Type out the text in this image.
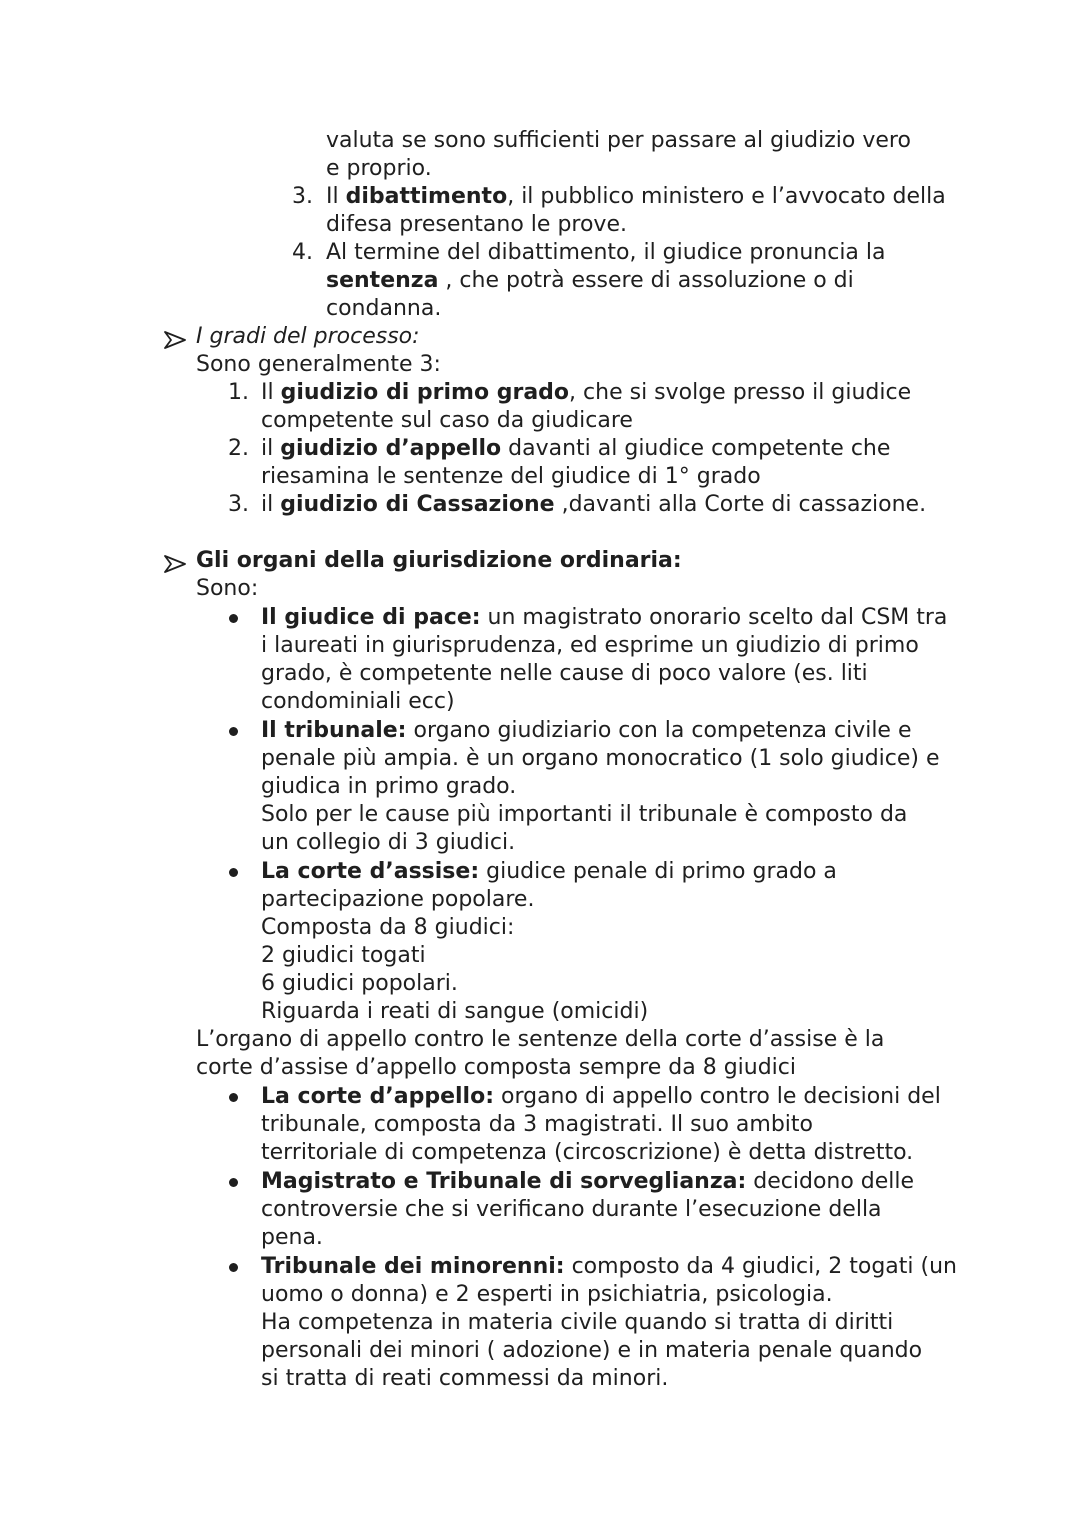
valuta se sono sufficienti per passare al giudizio vero
e proprio.
3. Il dibattimento, il pubblico ministero e l’avvocato della
difesa presentano le prove.
4. Al termine del dibattimento, il giudice pronuncia la
sentenza , che potrà essere di assoluzione o di
condanna.
I gradi del processo:
Sono generalmente 3:
1. Il giudizio di primo grado, che si svolge presso il giudice
competente sul caso da giudicare
2. il giudizio d’appello davanti al giudice competente che
riesamina le sentenze del giudice di 1° grado
3. il giudizio di Cassazione ,davanti alla Corte di cassazione.
Gli organi della giurisdizione ordinaria:
Sono:
Il giudice di pace: un magistrato onorario scelto dal CSM tra
i laureati in giurisprudenza, ed esprime un giudizio di primo
grado, è competente nelle cause di poco valore (es. liti
condominiali ecc)
Il tribunale: organo giudiziario con la competenza civile e
penale più ampia. è un organo monocratico (1 solo giudice) e
giudica in primo grado.
Solo per le cause più importanti il tribunale è composto da
un collegio di 3 giudici.
La corte d’assise: giudice penale di primo grado a
partecipazione popolare.
Composta da 8 giudici:
2 giudici togati
6 giudici popolari.
Riguarda i reati di sangue (omicidi)
L’organo di appello contro le sentenze della corte d’assise è la
corte d’assise d’appello composta sempre da 8 giudici
La corte d’appello: organo di appello contro le decisioni del
tribunale, composta da 3 magistrati. Il suo ambito
territoriale di competenza (circoscrizione) è detta distretto.
Magistrato e Tribunale di sorveglianza: decidono delle
controversie che si verificano durante l’esecuzione della
pena.
Tribunale dei minorenni: composto da 4 giudici, 2 togati (un
uomo o donna) e 2 esperti in psichiatria, psicologia.
Ha competenza in materia civile quando si tratta di diritti
personali dei minori ( adozione) e in materia penale quando
si tratta di reati commessi da minori.
